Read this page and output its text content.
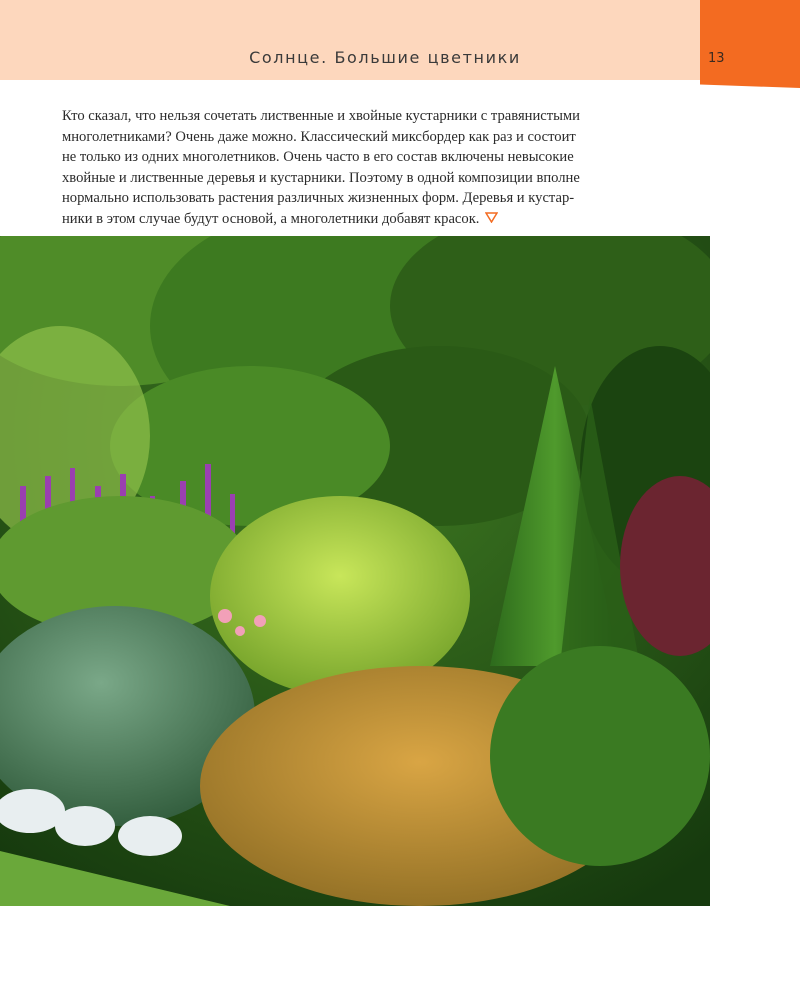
Солнце. Большие цветники	13
Кто сказал, что нельзя сочетать лиственные и хвойные кустарники с травянистыми
многолетниками? Очень даже можно. Классический миксбордер как раз и состоит
не только из одних многолетников. Очень часто в его состав включены невысокие
хвойные и лиственные деревья и кустарники. Поэтому в одной композиции вполне
нормально использовать растения различных жизненных форм. Деревья и кустар-
ники в этом случае будут основой, а многолетники добавят красок.
